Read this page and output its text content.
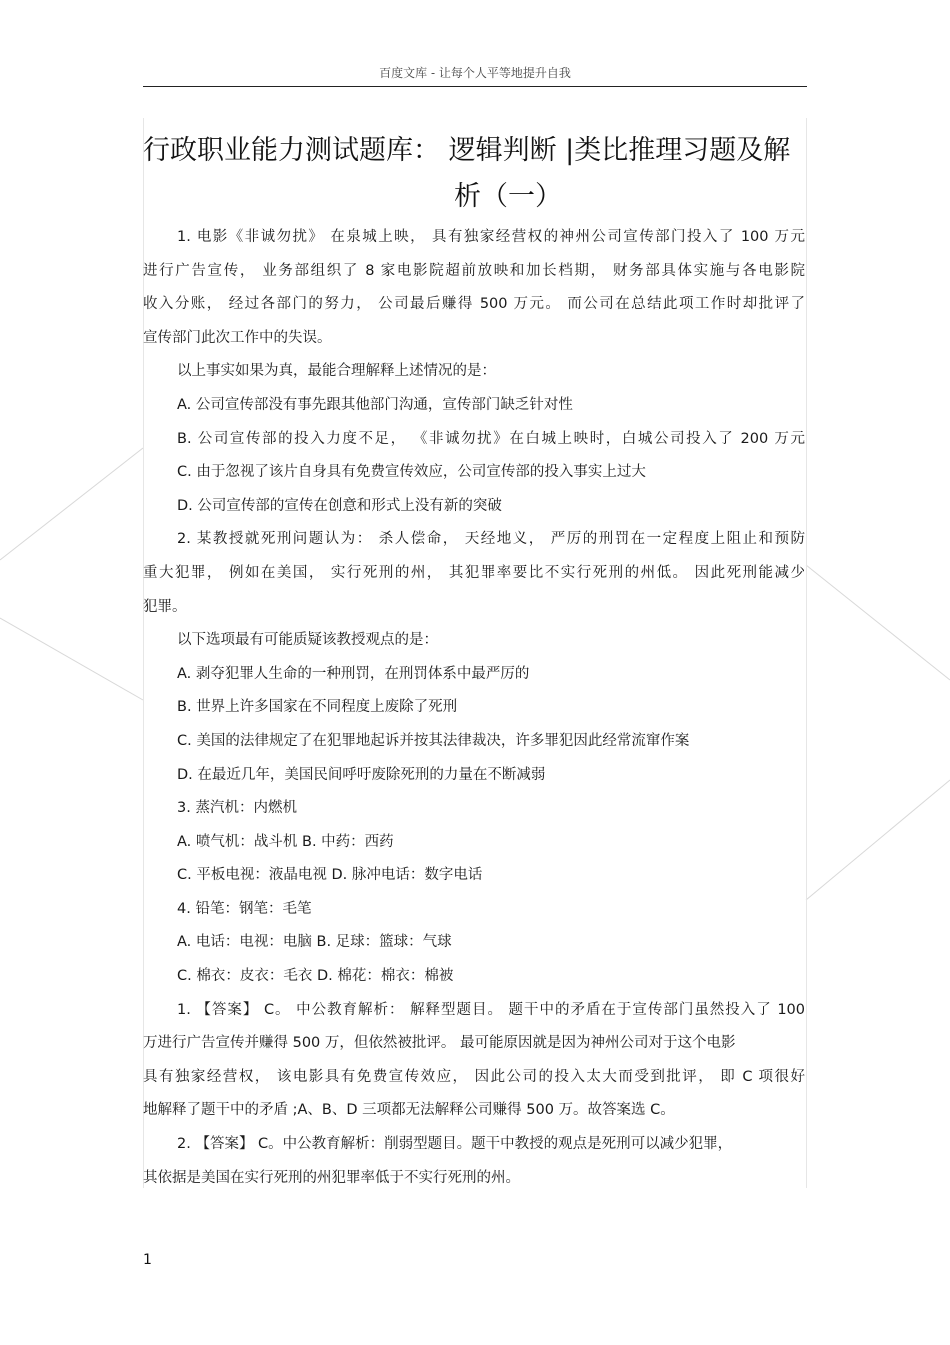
百度文库 - 让每个人平等地提升自我
行政职业能力测试题库： 逻辑判断 |类比推理习题及解
析（一）
1. 电影《非诚勿扰》 在泉城上映， 具有独家经营权的神州公司宣传部门投入了 100 万元
进行广告宣传， 业务部组织了 8 家电影院超前放映和加长档期， 财务部具体实施与各电影院
收入分账， 经过各部门的努力， 公司最后赚得 500 万元。 而公司在总结此项工作时却批评了
宣传部门此次工作中的失误。
以上事实如果为真，最能合理解释上述情况的是：
A. 公司宣传部没有事先跟其他部门沟通，宣传部门缺乏针对性
B. 公司宣传部的投入力度不足， 《非诚勿扰》在白城上映时，白城公司投入了 200 万元
C. 由于忽视了该片自身具有免费宣传效应，公司宣传部的投入事实上过大
D. 公司宣传部的宣传在创意和形式上没有新的突破
2. 某教授就死刑问题认为： 杀人偿命， 天经地义， 严厉的刑罚在一定程度上阻止和预防
重大犯罪， 例如在美国， 实行死刑的州， 其犯罪率要比不实行死刑的州低。 因此死刑能减少
犯罪。
以下选项最有可能质疑该教授观点的是：
A. 剥夺犯罪人生命的一种刑罚，在刑罚体系中最严厉的
B. 世界上许多国家在不同程度上废除了死刑
C. 美国的法律规定了在犯罪地起诉并按其法律裁决，许多罪犯因此经常流窜作案
D. 在最近几年，美国民间呼吁废除死刑的力量在不断减弱
3. 蒸汽机：内燃机
A. 喷气机：战斗机 B. 中药：西药
C. 平板电视：液晶电视 D. 脉冲电话：数字电话
4. 铅笔：钢笔：毛笔
A. 电话：电视：电脑 B. 足球：篮球：气球
C. 棉衣：皮衣：毛衣 D. 棉花：棉衣：棉被
1. 【答案】 C。 中公教育解析： 解释型题目。 题干中的矛盾在于宣传部门虽然投入了 100
万进行广告宣传并赚得 500 万，但依然被批评。 最可能原因就是因为神州公司对于这个电影
具有独家经营权， 该电影具有免费宣传效应， 因此公司的投入太大而受到批评， 即 C 项很好
地解释了题干中的矛盾 ;A、B、D 三项都无法解释公司赚得 500 万。故答案选 C。
2. 【答案】 C。中公教育解析：削弱型题目。题干中教授的观点是死刑可以减少犯罪，
其依据是美国在实行死刑的州犯罪率低于不实行死刑的州。
1
